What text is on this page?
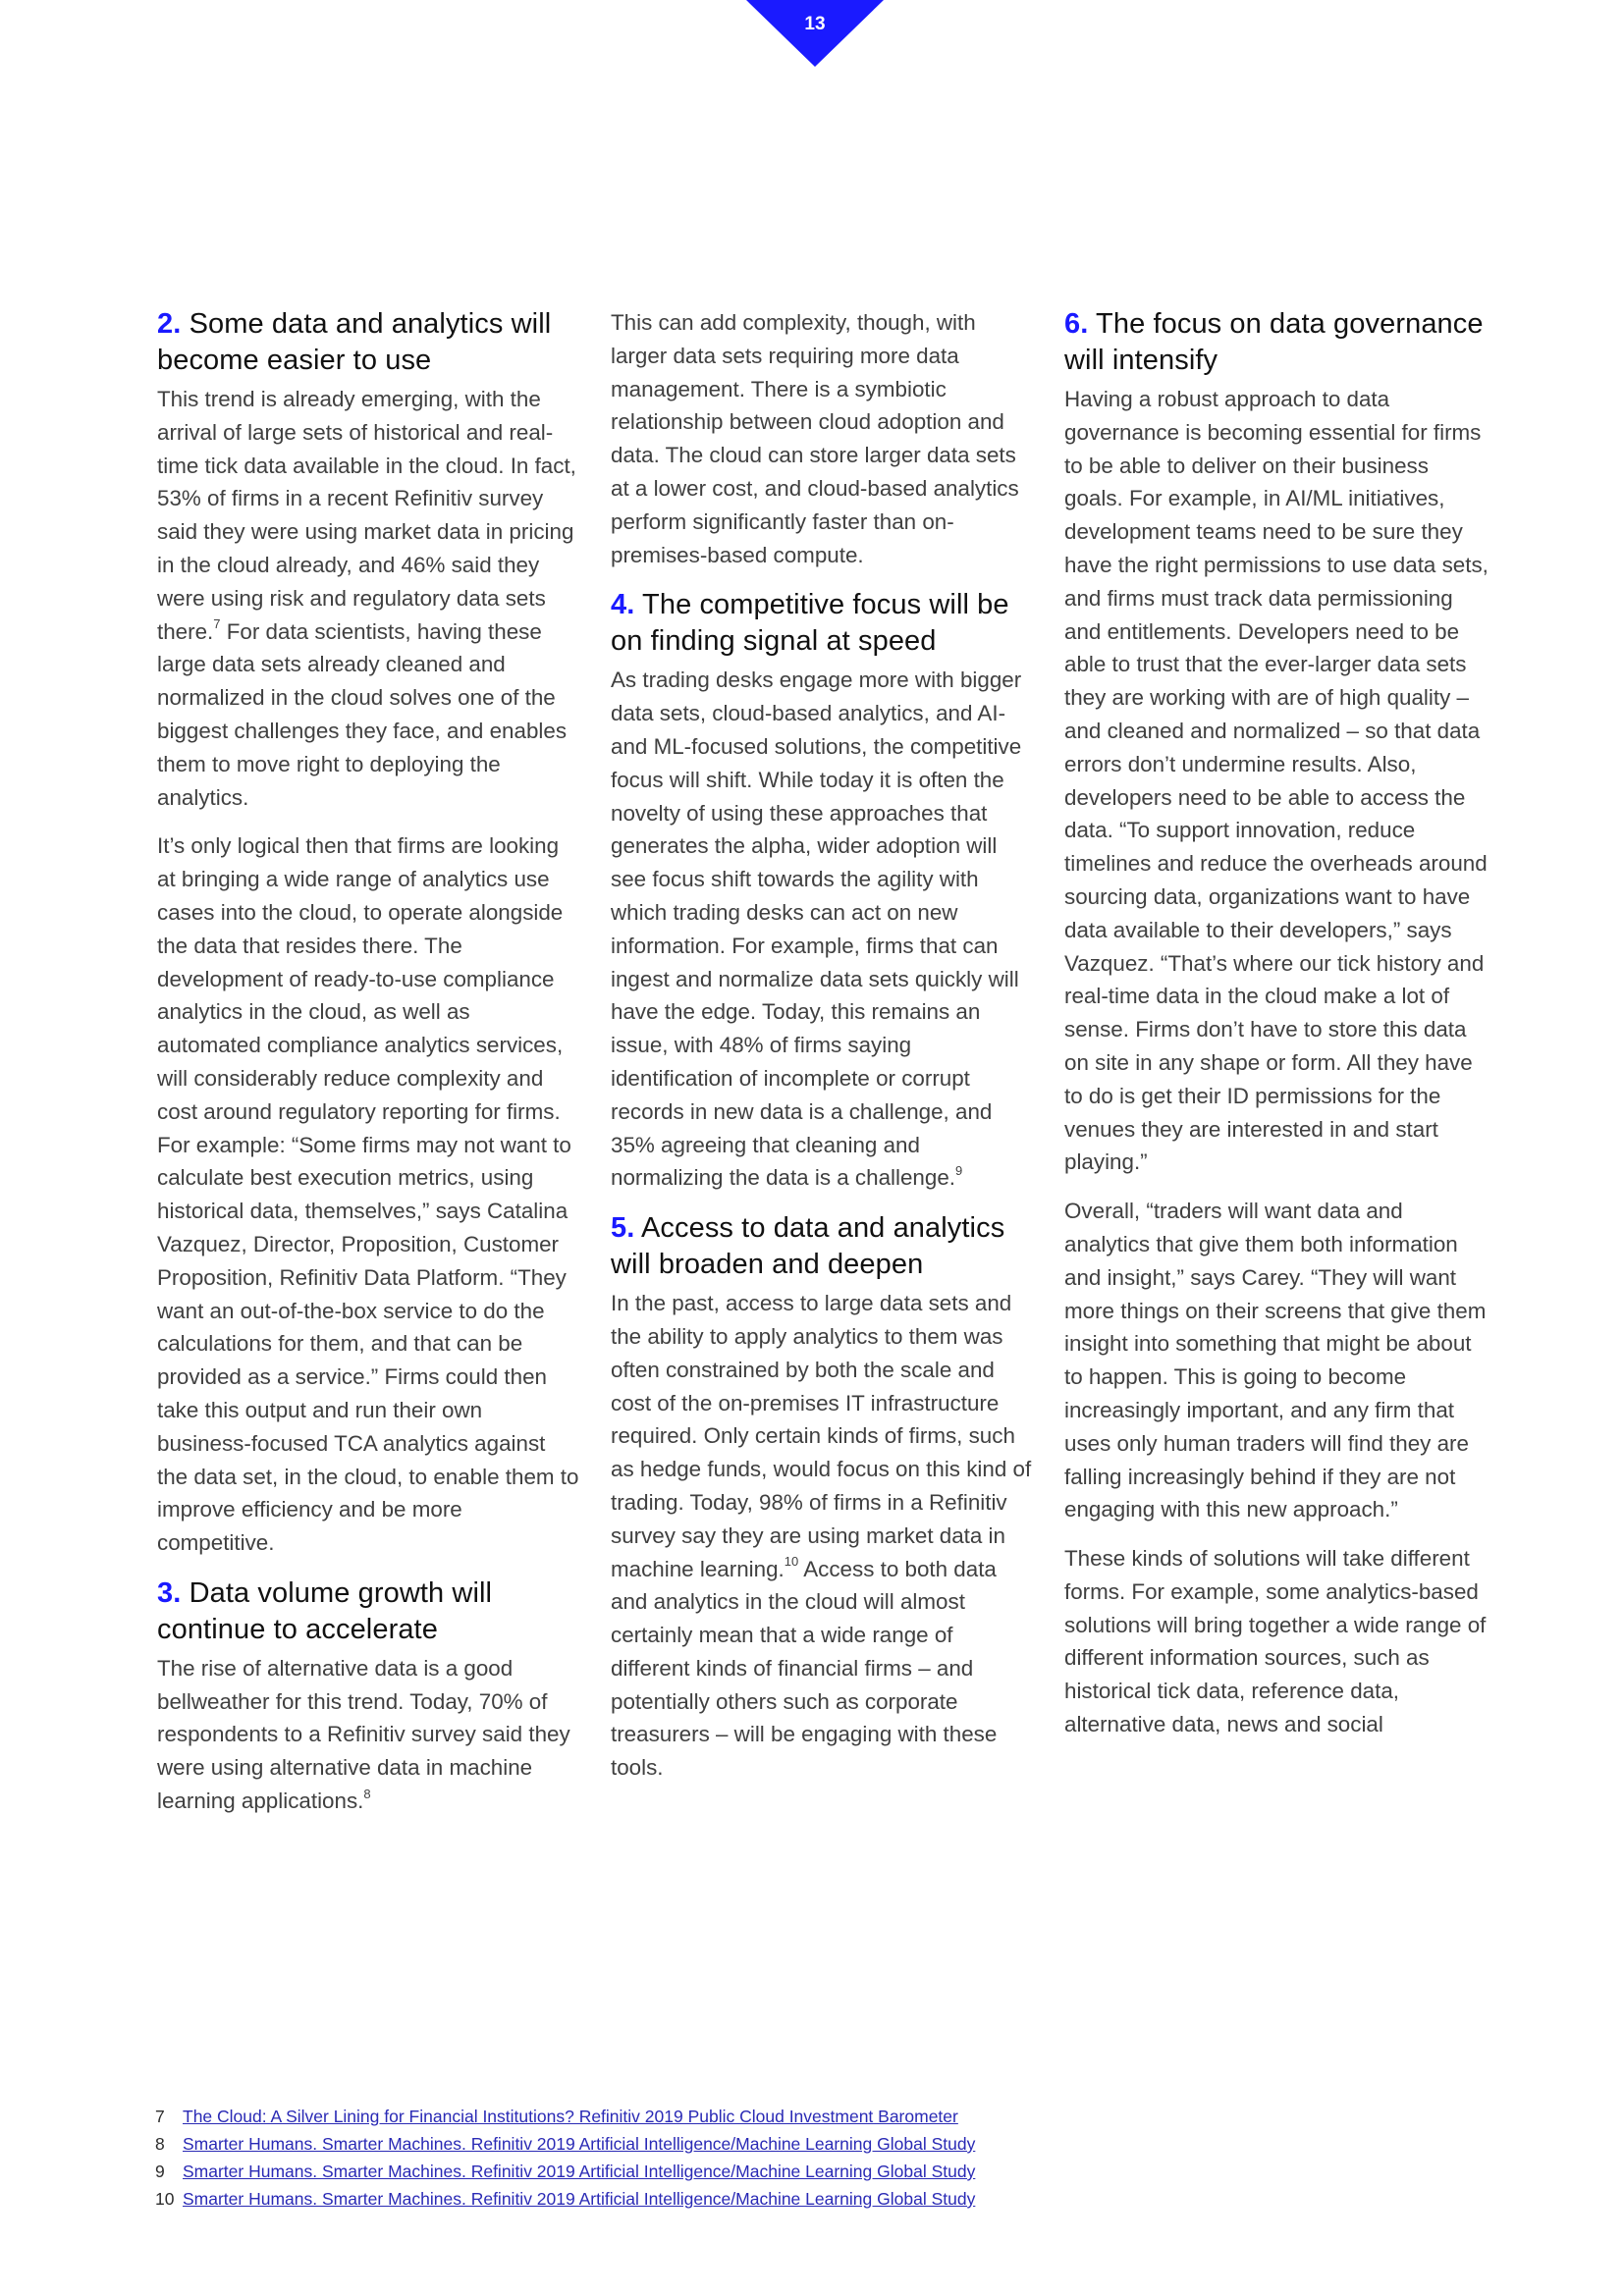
13
2. Some data and analytics will become easier to use

This trend is already emerging, with the arrival of large sets of historical and real-time tick data available in the cloud. In fact, 53% of firms in a recent Refinitiv survey said they were using market data in pricing in the cloud already, and 46% said they were using risk and regulatory data sets there.$^7$ For data scientists, having these large data sets already cleaned and normalized in the cloud solves one of the biggest challenges they face, and enables them to move right to deploying the analytics.

It’s only logical then that firms are looking at bringing a wide range of analytics use cases into the cloud, to operate alongside the data that resides there. The development of ready-to-use compliance analytics in the cloud, as well as automated compliance analytics services, will considerably reduce complexity and cost around regulatory reporting for firms. For example: “Some firms may not want to calculate best execution metrics, using historical data, themselves,” says Catalina Vazquez, Director, Proposition, Customer Proposition, Refinitiv Data Platform. “They want an out-of-the-box service to do the calculations for them, and that can be provided as a service.” Firms could then take this output and run their own business-focused TCA analytics against the data set, in the cloud, to enable them to improve efficiency and be more competitive.

3. Data volume growth will continue to accelerate

The rise of alternative data is a good bellweather for this trend. Today, 70% of respondents to a Refinitiv survey said they were using alternative data in machine learning applications.$^8$

This can add complexity, though, with larger data sets requiring more data management. There is a symbiotic relationship between cloud adoption and data. The cloud can store larger data sets at a lower cost, and cloud-based analytics perform significantly faster than on-premises-based compute.

4. The competitive focus will be on finding signal at speed

As trading desks engage more with bigger data sets, cloud-based analytics, and AI- and ML-focused solutions, the competitive focus will shift. While today it is often the novelty of using these approaches that generates the alpha, wider adoption will see focus shift towards the agility with which trading desks can act on new information. For example, firms that can ingest and normalize data sets quickly will have the edge. Today, this remains an issue, with 48% of firms saying identification of incomplete or corrupt records in new data is a challenge, and 35% agreeing that cleaning and normalizing the data is a challenge.$^9$

5. Access to data and analytics will broaden and deepen

In the past, access to large data sets and the ability to apply analytics to them was often constrained by both the scale and cost of the on-premises IT infrastructure required. Only certain kinds of firms, such as hedge funds, would focus on this kind of trading. Today, 98% of firms in a Refinitiv survey say they are using market data in machine learning.$^{10}$ Access to both data and analytics in the cloud will almost certainly mean that a wide range of different kinds of financial firms – and potentially others such as corporate treasurers – will be engaging with these tools.

6. The focus on data governance will intensify

Having a robust approach to data governance is becoming essential for firms to be able to deliver on their business goals. For example, in AI/ML initiatives, development teams need to be sure they have the right permissions to use data sets, and firms must track data permissioning and entitlements. Developers need to be able to trust that the ever-larger data sets they are working with are of high quality – and cleaned and normalized – so that data errors don’t undermine results. Also, developers need to be able to access the data. “To support innovation, reduce timelines and reduce the overheads around sourcing data, organizations want to have data available to their developers,” says Vazquez. “That’s where our tick history and real-time data in the cloud make a lot of sense. Firms don’t have to store this data on site in any shape or form. All they have to do is get their ID permissions for the venues they are interested in and start playing.”

Overall, “traders will want data and analytics that give them both information and insight,” says Carey. “They will want more things on their screens that give them insight into something that might be about to happen. This is going to become increasingly important, and any firm that uses only human traders will find they are falling increasingly behind if they are not engaging with this new approach.”

These kinds of solutions will take different forms. For example, some analytics-based solutions will bring together a wide range of different information sources, such as historical tick data, reference data, alternative data, news and social

7 The Cloud: A Silver Lining for Financial Institutions? Refinitiv 2019 Public Cloud Investment Barometer
8 Smarter Humans. Smarter Machines. Refinitiv 2019 Artificial Intelligence/Machine Learning Global Study
9 Smarter Humans. Smarter Machines. Refinitiv 2019 Artificial Intelligence/Machine Learning Global Study
10 Smarter Humans. Smarter Machines. Refinitiv 2019 Artificial Intelligence/Machine Learning Global Study
